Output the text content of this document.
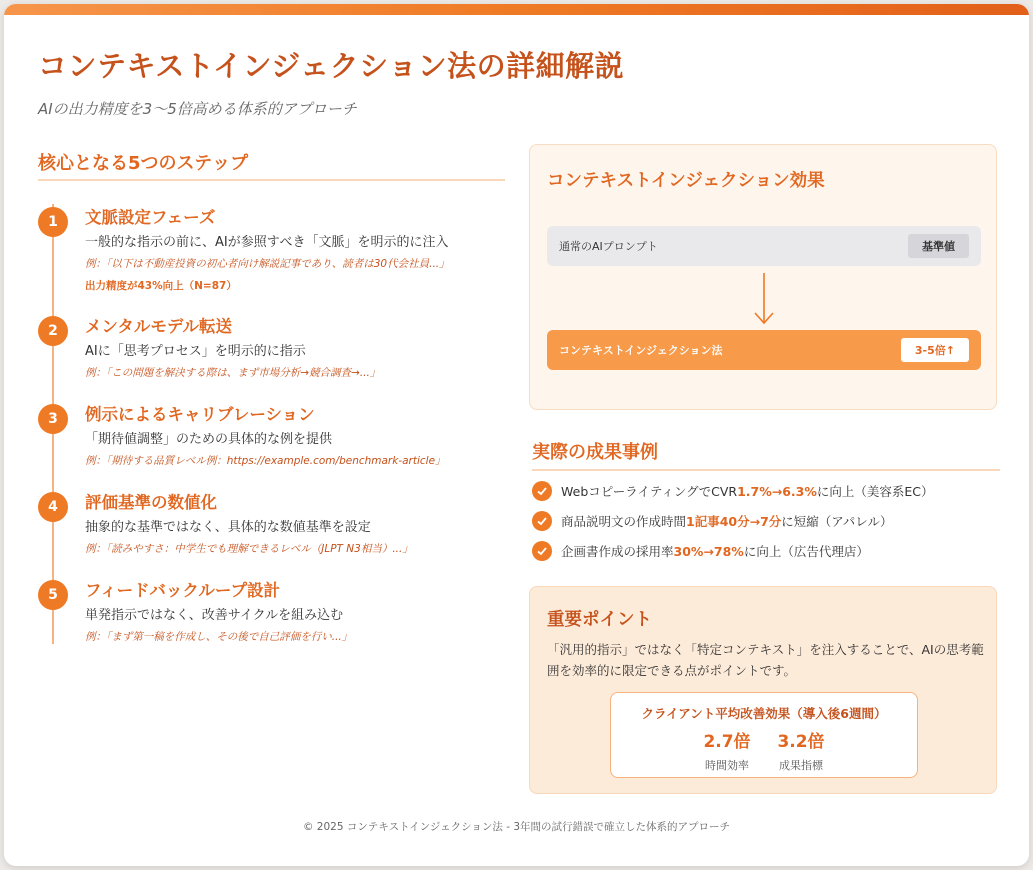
コンテキストインジェクション法の詳細解説

AIの出力精度を3〜5倍高める体系的アプローチ

核心となる5つのステップ
1	文脈設定フェーズ
一般的な指示の前に、AIが参照すべき「文脈」を明示的に注入
例：「以下は不動産投資の初心者向け解説記事であり、読者は30代会社員...」
出力精度が43%向上（N=87）
2	メンタルモデル転送
AIに「思考プロセス」を明示的に指示
例：「この問題を解決する際は、まず市場分析→競合調査→...」
3	例示によるキャリブレーション
「期待値調整」のための具体的な例を提供
例：「期待する品質レベル例：https://example.com/benchmark-article」
4	評価基準の数値化
抽象的な基準ではなく、具体的な数値基準を設定
例：「読みやすさ：中学生でも理解できるレベル（JLPT N3相当）...」
5	フィードバックループ設計
単発指示ではなく、改善サイクルを組み込む
例：「まず第一稿を作成し、その後で自己評価を行い...」
コンテキストインジェクション効果
通常のAIプロンプト	基準値
コンテキストインジェクション法	3-5倍↑
実際の成果事例
WebコピーライティングでCVR 1.7%→6.3% に向上（美容系EC）
商品説明文の作成時間 1記事40分→7分 に短縮（アパレル）
企画書作成の採用率 30%→78% に向上（広告代理店）
重要ポイント
「汎用的指示」ではなく「特定コンテキスト」を注入することで、AIの思考範囲を効率的に限定できる点がポイントです。
クライアント平均改善効果（導入後6週間）
2.7倍
時間効率
3.2倍
成果指標
© 2025 コンテキストインジェクション法 - 3年間の試行錯誤で確立した体系的アプローチ
